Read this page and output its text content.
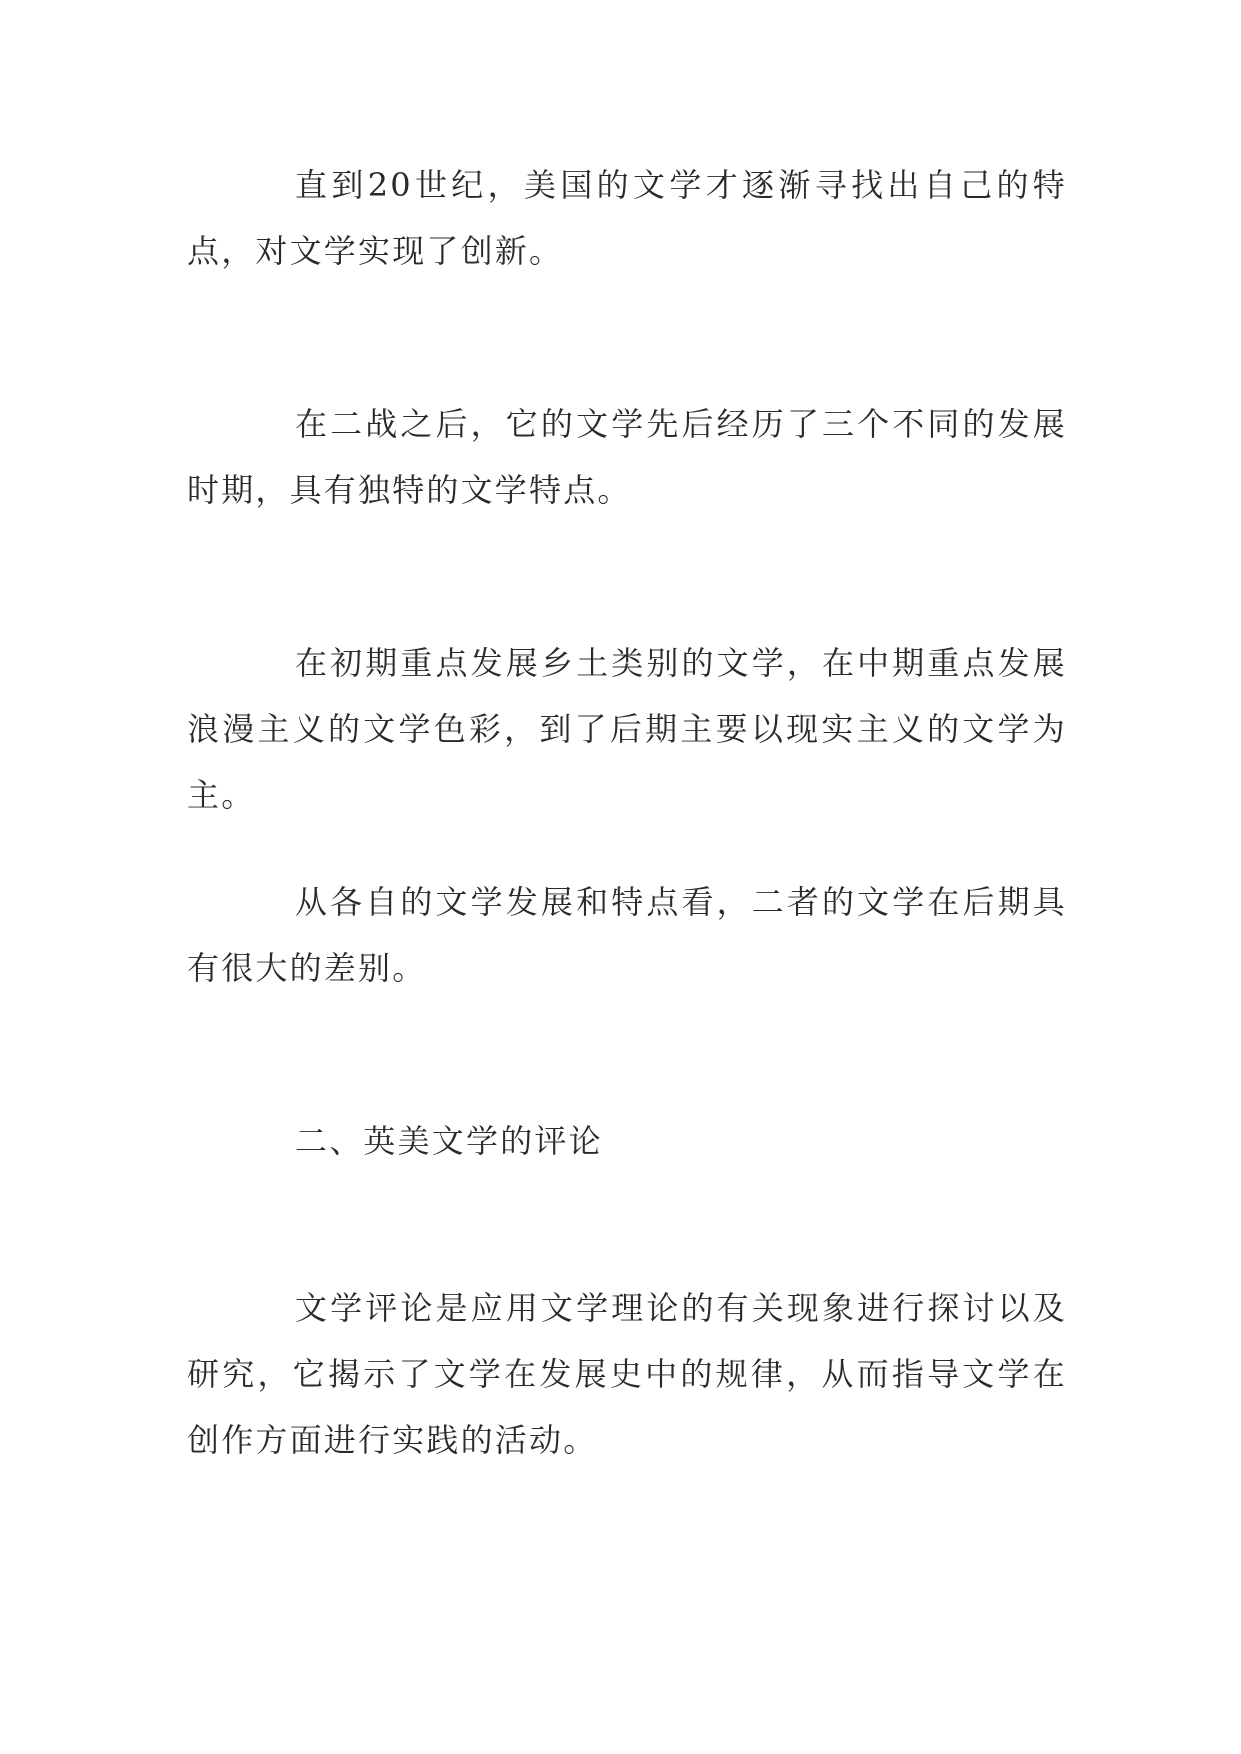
直到20世纪，美国的文学才逐渐寻找出自己的特点，对文学实现了创新。

在二战之后，它的文学先后经历了三个不同的发展时期，具有独特的文学特点。

在初期重点发展乡土类别的文学，在中期重点发展浪漫主义的文学色彩，到了后期主要以现实主义的文学为主。

从各自的文学发展和特点看，二者的文学在后期具有很大的差别。

二、英美文学的评论

文学评论是应用文学理论的有关现象进行探讨以及研究，它揭示了文学在发展史中的规律，从而指导文学在创作方面进行实践的活动。
